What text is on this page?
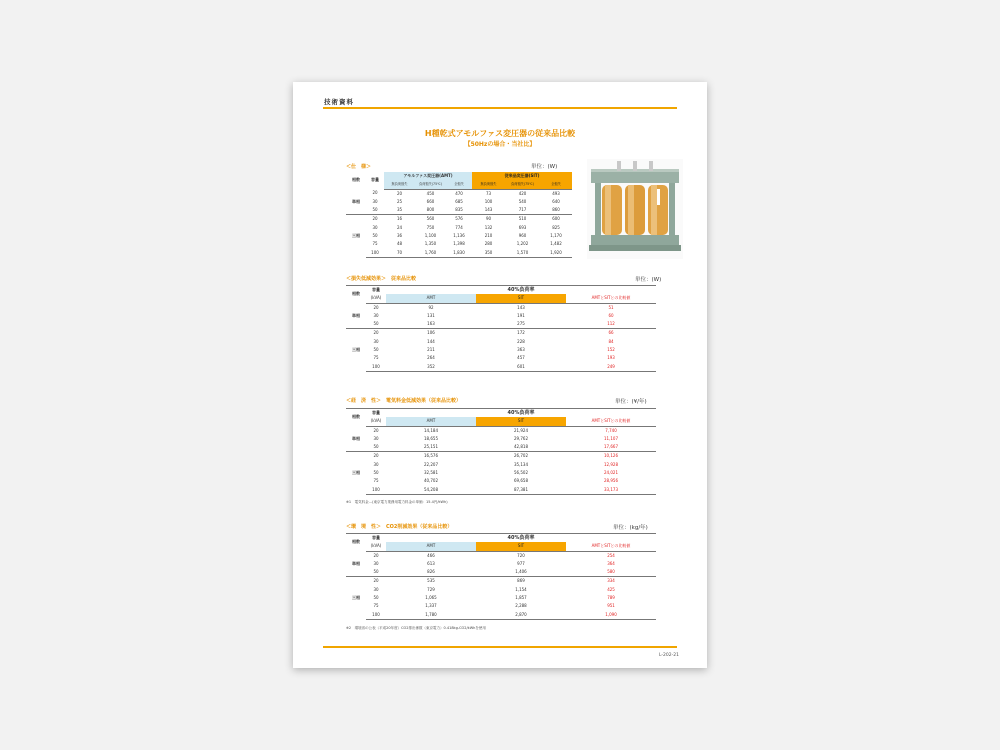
技術資料
H種乾式アモルファス変圧器の従来品比較
【50Hzの場合・当社比】
＜仕　様＞	単位：(W)
相数	容量	アモルファス変圧器(AMT)			従来品変圧器(SIT)		
		無負荷損失	負荷損失(75℃)	全損失	無負荷損失	負荷損失(75℃)	全損失
単相	20	20	450	470	73	420	493
	30	25	660	685	100	540	640
	50	35	800	835	143	717	860
三相	20	16	560	576	90	510	600
	30	24	750	774	132	693	825
	50	36	1,100	1,136	210	960	1,170
	75	48	1,350	1,398	280	1,202	1,482
	100	70	1,760	1,830	350	1,570	1,920
＜損失低減効果＞　従来品比較	単位：(W)
相数	容量	40%負荷率		
	(kVA)	AMT	SIT	AMTとSITとの比較値
単相	20	92	143	51
	30	131	191	60
	50	163	275	112
三相	20	106	172	66
	30	144	228	84
	50	211	363	152
	75	264	457	193
	100	352	601	249
＜経　済　性＞　電気料金低減効果（従来品比較）	単位：(¥/年)
相数	容量	40%負荷率		
	(kVA)	AMT	SIT	AMTとSITとの比較値
単相	20	14,184	21,924	7,740
	30	18,655	29,762	11,107
	50	25,151	42,818	17,667
三相	20	16,576	26,702	10,126
	30	22,207	35,134	12,928
	50	32,581	56,502	24,021
	75	40,702	69,658	28,956
	100	54,208	87,381	33,173
※1　電気料金…(東京電力業務用電力料金の単価：15.4円/kWh)
＜環　境　性＞　CO2削減効果（従来品比較）	単位：(kg/年)
相数	容量	40%負荷率		
	(kVA)	AMT	SIT	AMTとSITとの比較値
単相	20	466	720	254
	30	613	977	364
	50	826	1,406	580
三相	20	535	869	334
	30	729	1,154	425
	50	1,065	1,857	789
	75	1,337	2,288	951
	100	1,780	2,870	1,090
※2　環境省の公表（平成20年度）CO2排出係数（東京電力）0.418kg-CO2/kWhを使用
L-202-21
